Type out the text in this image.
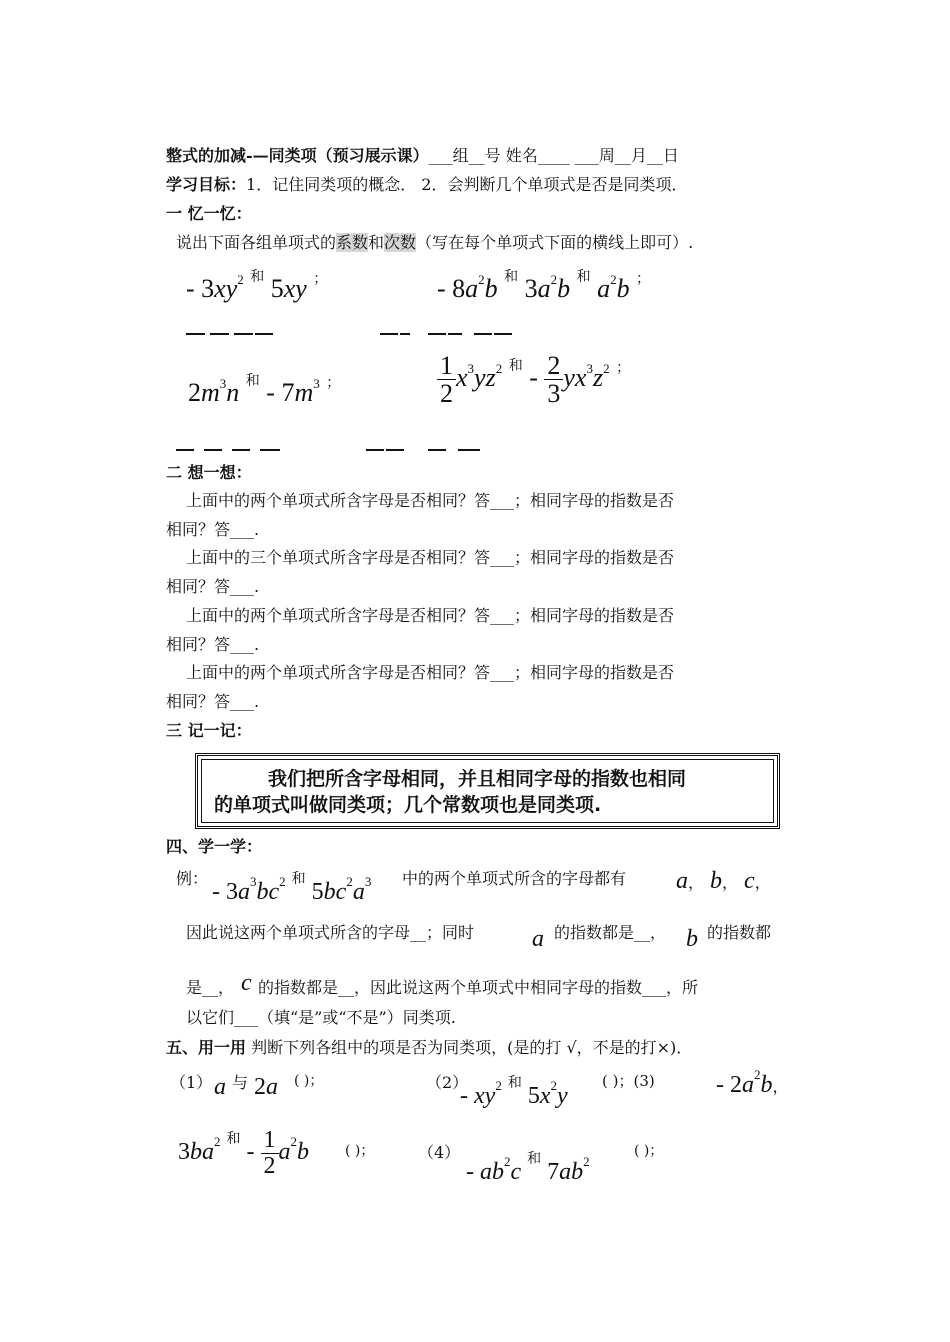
整式的加减-—同类项（预习展示课）___组__号 姓名____ ___周__月__日
学习目标：1．记住同类项的概念． 2．会判断几个单项式是否是同类项．
一 忆一忆：
说出下面各组单项式的系数和次数（写在每个单项式下面的横线上即可）.
- $3xy^2$ $^和$ 5xy ；	- $8a^2b$ $^和$ $3a^2b$ $^和$ $a^2b$ ；
$2m^3n$ $^和 - 7m^3$ ；	$\frac{1}{2} x^3yz^2$ $^和 - \frac{2}{3} yx^3z^2$ ；
二 想一想：
上面中的两个单项式所含字母是否相同？答___；相同字母的指数是否
相同？答___.
上面中的三个单项式所含字母是否相同？答___；相同字母的指数是否
相同？答___.
上面中的两个单项式所含字母是否相同？答___；相同字母的指数是否
相同？答___.
上面中的两个单项式所含字母是否相同？答___；相同字母的指数是否
相同？答___.
三 记一记：
我们把所含字母相同，并且相同字母的指数也相同
的单项式叫做同类项；几个常数项也是同类项.
四、学一学：
例：
- $3a^3bc^2$ $^和$ $5bc^2a^3$ 中的两个单项式所含的字母都有 a， b， c，
因此说这两个单项式所含的字母__；同时 a 的指数都是__， b 的指数都
是__， c 的指数都是__，因此说这两个单项式中相同字母的指数___，所
以它们___（填“是”或“不是”）同类项.
五、用一用 判断下列各组中的项是否为同类项，(是的打 √，不是的打×)．
（1） a $^与$ 2a ( )；	（2）
- $xy^2$ $^和$ $5x^2y$
( )；(3)	- $2a^2b$，
$3ba^2$ $^和 - \frac{1}{2} a^2b$	( )；	（4）
- $ab^2c$ $^和$ $7ab^2$
( )；
